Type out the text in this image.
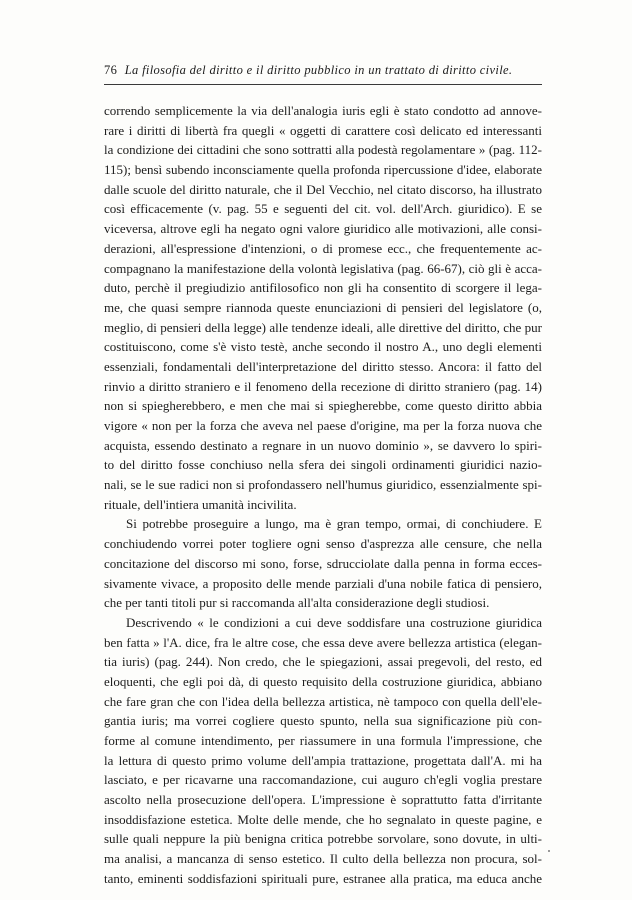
76 La filosofia del diritto e il diritto pubblico in un trattato di diritto civile.
correndo semplicemente la via dell'analogia iuris egli è stato condotto ad annove-
rare i diritti di libertà fra quegli « oggetti di carattere così delicato ed interessanti
la condizione dei cittadini che sono sottratti alla podestà regolamentare » (pag. 112-
115); bensì subendo inconsciamente quella profonda ripercussione d'idee, elaborate
dalle scuole del diritto naturale, che il Del Vecchio, nel citato discorso, ha illustrato
così efficacemente (v. pag. 55 e seguenti del cit. vol. dell'Arch. giuridico). E se
viceversa, altrove egli ha negato ogni valore giuridico alle motivazioni, alle consi-
derazioni, all'espressione d'intenzioni, o di promese ecc., che frequentemente ac-
compagnano la manifestazione della volontà legislativa (pag. 66-67), ciò gli è acca-
duto, perchè il pregiudizio antifilosofico non gli ha consentito di scorgere il lega-
me, che quasi sempre riannoda queste enunciazioni di pensieri del legislatore (o,
meglio, di pensieri della legge) alle tendenze ideali, alle direttive del diritto, che pur
costituiscono, come s'è visto testè, anche secondo il nostro A., uno degli elementi
essenziali, fondamentali dell'interpretazione del diritto stesso. Ancora: il fatto del
rinvio a diritto straniero e il fenomeno della recezione di diritto straniero (pag. 14)
non si spiegherebbero, e men che mai si spiegherebbe, come questo diritto abbia
vigore « non per la forza che aveva nel paese d'origine, ma per la forza nuova che
acquista, essendo destinato a regnare in un nuovo dominio », se davvero lo spiri-
to del diritto fosse conchiuso nella sfera dei singoli ordinamenti giuridici nazio-
nali, se le sue radici non si profondassero nell'humus giuridico, essenzialmente spi-
rituale, dell'intiera umanità incivilita.
Si potrebbe proseguire a lungo, ma è gran tempo, ormai, di conchiudere. E
conchiudendo vorrei poter togliere ogni senso d'asprezza alle censure, che nella
concitazione del discorso mi sono, forse, sdrucciolate dalla penna in forma ecces-
sivamente vivace, a proposito delle mende parziali d'una nobile fatica di pensiero,
che per tanti titoli pur si raccomanda all'alta considerazione degli studiosi.
Descrivendo « le condizioni a cui deve soddisfare una costruzione giuridica
ben fatta » l'A. dice, fra le altre cose, che essa deve avere bellezza artistica (elegan-
tia iuris) (pag. 244). Non credo, che le spiegazioni, assai pregevoli, del resto, ed
eloquenti, che egli poi dà, di questo requisito della costruzione giuridica, abbiano
che fare gran che con l'idea della bellezza artistica, nè tampoco con quella dell'ele-
gantia iuris; ma vorrei cogliere questo spunto, nella sua significazione più con-
forme al comune intendimento, per riassumere in una formula l'impressione, che
la lettura di questo primo volume dell'ampia trattazione, progettata dall'A. mi ha
lasciato, e per ricavarne una raccomandazione, cui auguro ch'egli voglia prestare
ascolto nella prosecuzione dell'opera. L'impressione è soprattutto fatta d'irritante
insoddisfazione estetica. Molte delle mende, che ho segnalato in queste pagine, e
sulle quali neppure la più benigna critica potrebbe sorvolare, sono dovute, in ulti-
ma analisi, a mancanza di senso estetico. Il culto della bellezza non procura, sol-
tanto, eminenti soddisfazioni spirituali pure, estranee alla pratica, ma educa anche
